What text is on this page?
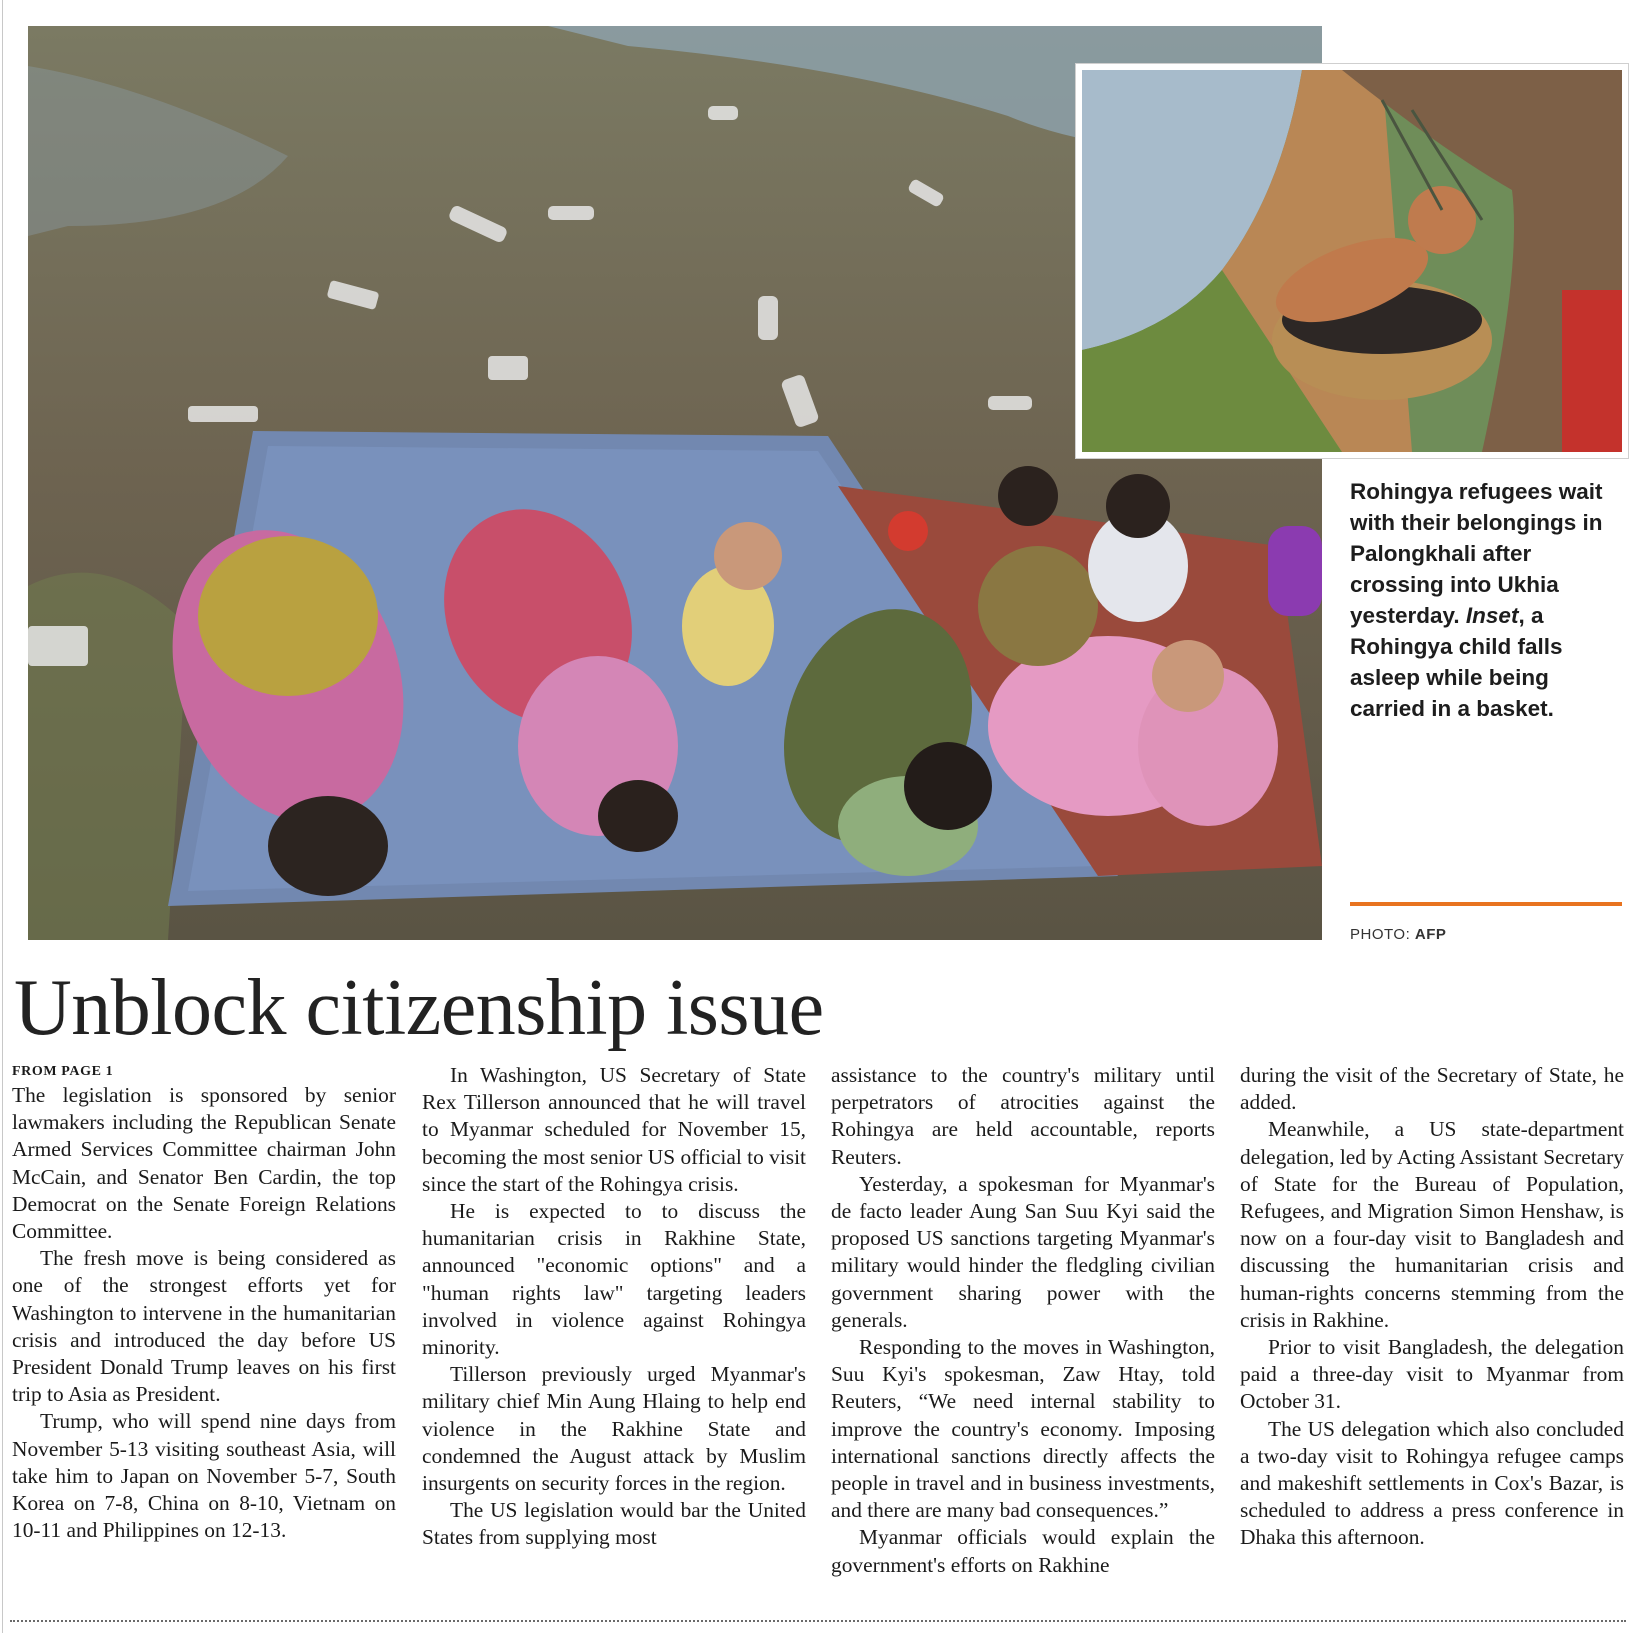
Rohingya refugees wait with their belongings in Palongkhali after crossing into Ukhia yesterday. Inset, a Rohingya child falls asleep while being carried in a basket.
PHOTO: AFP
Unblock citizenship issue

FROM PAGE 1

The legislation is sponsored by senior lawmakers including the Republican Senate Armed Services Committee chairman John McCain, and Senator Ben Cardin, the top Democrat on the Senate Foreign Relations Committee.

The fresh move is being considered as one of the strongest efforts yet for Washington to intervene in the humanitarian crisis and introduced the day before US President Donald Trump leaves on his first trip to Asia as President.

Trump, who will spend nine days from November 5-13 visiting southeast Asia, will take him to Japan on November 5-7, South Korea on 7-8, China on 8-10, Vietnam on 10-11 and Philippines on 12-13.

In Washington, US Secretary of State Rex Tillerson announced that he will travel to Myanmar scheduled for November 15, becoming the most senior US official to visit since the start of the Rohingya crisis.

He is expected to to discuss the humanitarian crisis in Rakhine State, announced "economic options" and a "human rights law" targeting leaders involved in violence against Rohingya minority.

Tillerson previously urged Myanmar's military chief Min Aung Hlaing to help end violence in the Rakhine State and condemned the August attack by Muslim insurgents on security forces in the region.

The US legislation would bar the United States from supplying most

assistance to the country's military until perpetrators of atrocities against the Rohingya are held accountable, reports Reuters.

Yesterday, a spokesman for Myanmar's de facto leader Aung San Suu Kyi said the proposed US sanctions targeting Myanmar's military would hinder the fledgling civilian government sharing power with the generals.

Responding to the moves in Washington, Suu Kyi's spokesman, Zaw Htay, told Reuters, “We need internal stability to improve the country's economy. Imposing international sanctions directly affects the people in travel and in business investments, and there are many bad consequences.”

Myanmar officials would explain the government's efforts on Rakhine

during the visit of the Secretary of State, he added.

Meanwhile, a US state-department delegation, led by Acting Assistant Secretary of State for the Bureau of Population, Refugees, and Migration Simon Henshaw, is now on a four-day visit to Bangladesh and discussing the humanitarian crisis and human-rights concerns stemming from the crisis in Rakhine.

Prior to visit Bangladesh, the delegation paid a three-day visit to Myanmar from October 31.

The US delegation which also concluded a two-day visit to Rohingya refugee camps and makeshift settlements in Cox's Bazar, is scheduled to address a press conference in Dhaka this afternoon.
